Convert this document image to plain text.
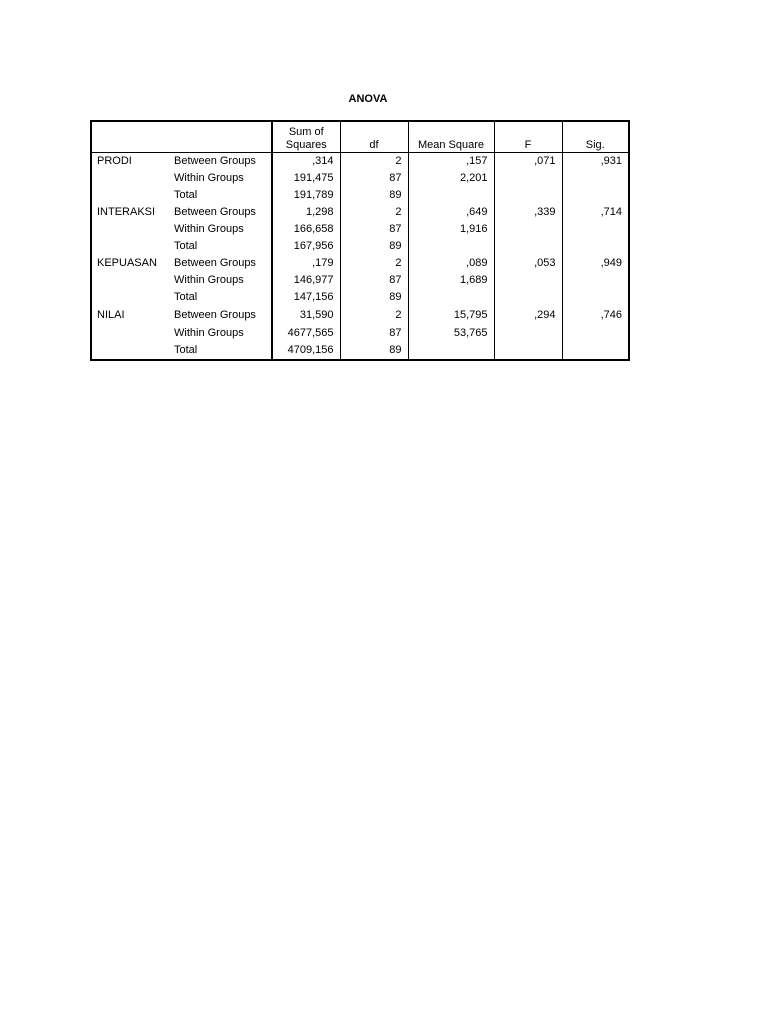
ANOVA
		Sum of
Squares	df	Mean Square	F	Sig.
PRODI	Between Groups	,314	2	,157	,071	,931
	Within Groups	191,475	87	2,201		
	Total	191,789	89			
INTERAKSI	Between Groups	1,298	2	,649	,339	,714
	Within Groups	166,658	87	1,916		
	Total	167,956	89			
KEPUASAN	Between Groups	,179	2	,089	,053	,949
	Within Groups	146,977	87	1,689		
	Total	147,156	89			
NILAI	Between Groups	31,590	2	15,795	,294	,746
	Within Groups	4677,565	87	53,765		
	Total	4709,156	89			
